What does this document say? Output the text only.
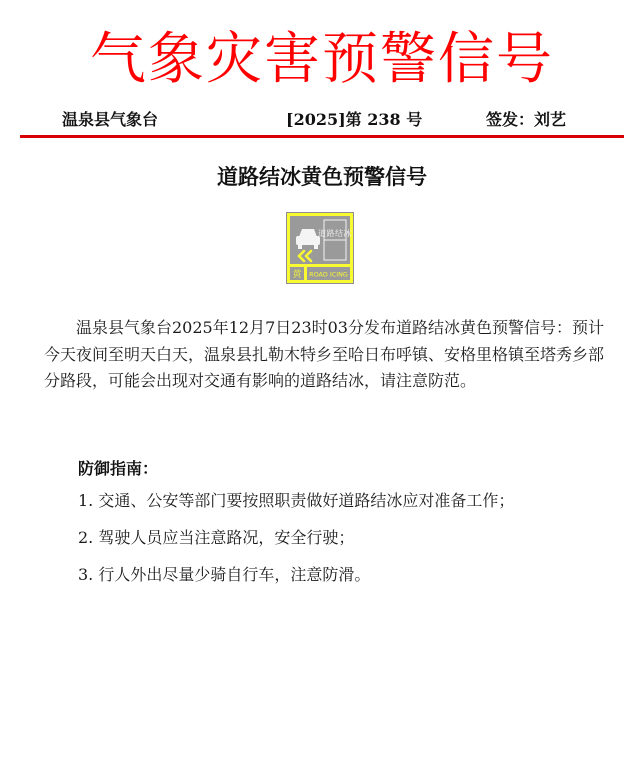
气象灾害预警信号
温泉县气象台	[2025]第 238 号	签发：刘艺
道路结冰黄色预警信号
道路结冰
黄 ROAD ICING
温泉县气象台2025年12月7日23时03分发布道路结冰黄色预警信号：预计今天夜间至明天白天，温泉县扎勒木特乡至哈日布呼镇、安格里格镇至塔秀乡部分路段，可能会出现对交通有影响的道路结冰，请注意防范。
防御指南：
1. 交通、公安等部门要按照职责做好道路结冰应对准备工作；
2. 驾驶人员应当注意路况，安全行驶；
3. 行人外出尽量少骑自行车，注意防滑。
